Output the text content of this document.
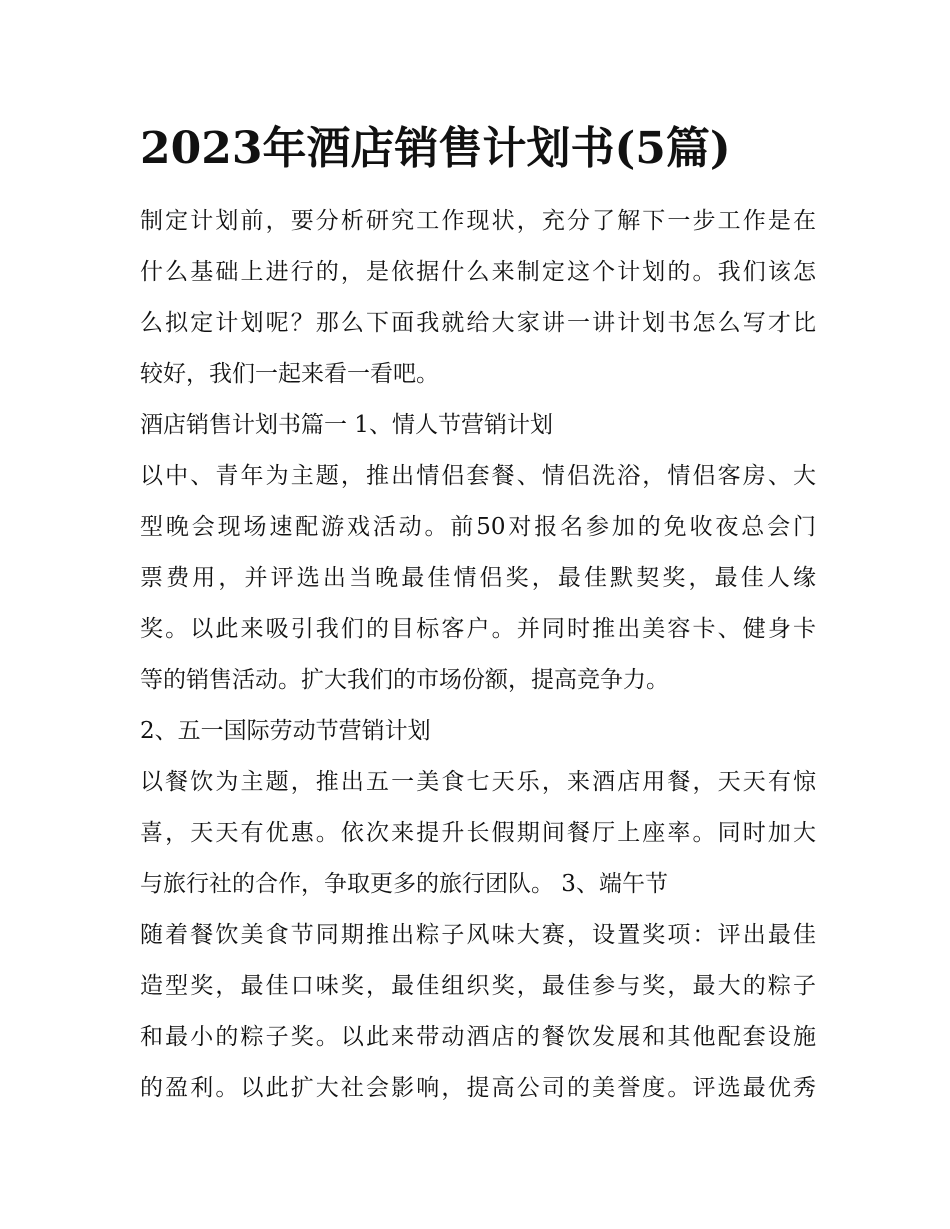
2023年酒店销售计划书(5篇)
制定计划前，要分析研究工作现状，充分了解下一步工作是在
什么基础上进行的，是依据什么来制定这个计划的。我们该怎
么拟定计划呢？那么下面我就给大家讲一讲计划书怎么写才比
较好，我们一起来看一看吧。
酒店销售计划书篇一 1、情人节营销计划
以中、青年为主题，推出情侣套餐、情侣洗浴，情侣客房、大
型晚会现场速配游戏活动。前50对报名参加的免收夜总会门
票费用，并评选出当晚最佳情侣奖，最佳默契奖，最佳人缘
奖。以此来吸引我们的目标客户。并同时推出美容卡、健身卡
等的销售活动。扩大我们的市场份额，提高竞争力。
2、五一国际劳动节营销计划
以餐饮为主题，推出五一美食七天乐，来酒店用餐，天天有惊
喜，天天有优惠。依次来提升长假期间餐厅上座率。同时加大
与旅行社的合作，争取更多的旅行团队。 3、端午节
随着餐饮美食节同期推出粽子风味大赛，设置奖项：评出最佳
造型奖，最佳口味奖，最佳组织奖，最佳参与奖，最大的粽子
和最小的粽子奖。以此来带动酒店的餐饮发展和其他配套设施
的盈利。以此扩大社会影响，提高公司的美誉度。评选最优秀
